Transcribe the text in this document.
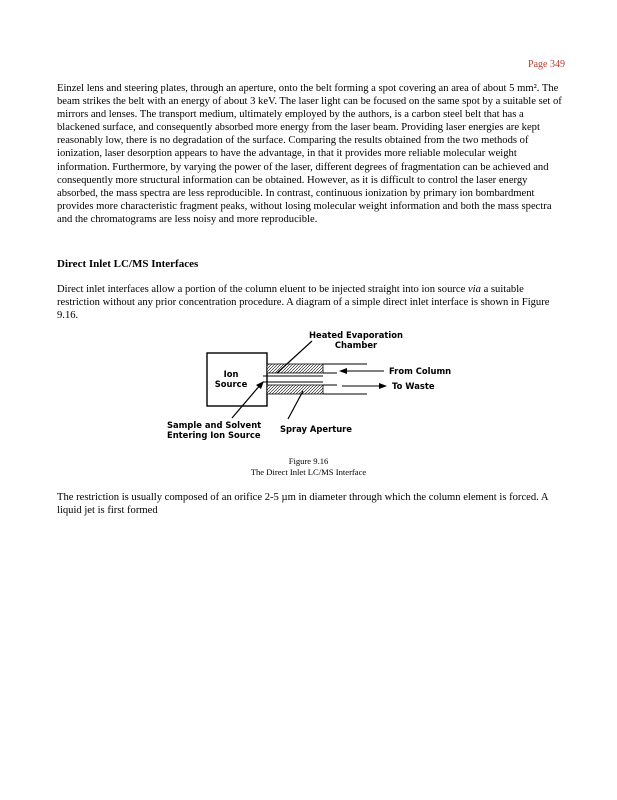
Page 349

Einzel lens and steering plates, through an aperture, onto the belt forming a spot covering an area of about 5 mm². The beam strikes the belt with an energy of about 3 keV. The laser light can be focused on the same spot by a suitable set of mirrors and lenses. The transport medium, ultimately employed by the authors, is a carbon steel belt that has a blackened surface, and consequently absorbed more energy from the laser beam. Providing laser energies are kept reasonably low, there is no degradation of the surface. Comparing the results obtained from the two methods of ionization, laser desorption appears to have the advantage, in that it provides more reliable molecular weight information. Furthermore, by varying the power of the laser, different degrees of fragmentation can be achieved and consequently more structural information can be obtained. However, as it is difficult to control the laser energy absorbed, the mass spectra are less reproducible. In contrast, continuous ionization by primary ion bombardment provides more characteristic fragment peaks, without losing molecular weight information and both the mass spectra and the chromatograms are less noisy and more reproducible.

Direct Inlet LC/MS Interfaces

Direct inlet interfaces allow a portion of the column eluent to be injected straight into ion source via a suitable restriction without any prior concentration procedure. A diagram of a simple direct inlet interface is shown in Figure 9.16.

Ion
Source
From Column
To Waste
Heated Evaporation
Chamber
Sample and Solvent
Entering Ion Source
Spray Aperture

Figure 9.16

The Direct Inlet LC/MS Interface

The restriction is usually composed of an orifice 2-5 µm in diameter through which the column element is forced. A liquid jet is first formed
